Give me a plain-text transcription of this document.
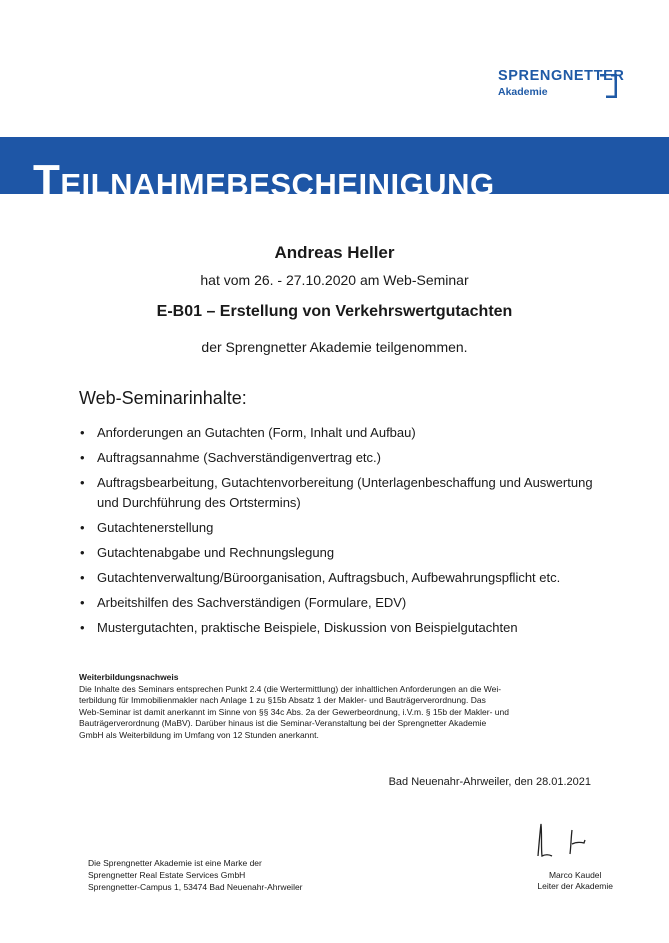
SPRENGNETTER
Akademie
Teilnahmebescheinigung
Andreas Heller
hat vom 26. - 27.10.2020 am Web-Seminar
E-B01 – Erstellung von Verkehrswertgutachten
der Sprengnetter Akademie teilgenommen.
Web-Seminarinhalte:
• Anforderungen an Gutachten (Form, Inhalt und Aufbau)
• Auftragsannahme (Sachverständigenvertrag etc.)
• Auftragsbearbeitung, Gutachtenvorbereitung (Unterlagenbeschaffung und Auswertung und Durchführung des Ortstermins)
• Gutachtenerstellung
• Gutachtenabgabe und Rechnungslegung
• Gutachtenverwaltung/Büroorganisation, Auftragsbuch, Aufbewahrungspflicht etc.
• Arbeitshilfen des Sachverständigen (Formulare, EDV)
• Mustergutachten, praktische Beispiele, Diskussion von Beispielgutachten
Weiterbildungsnachweis
Die Inhalte des Seminars entsprechen Punkt 2.4 (die Wertermittlung) der inhaltlichen Anforderungen an die Wei-
terbildung für Immobilienmakler nach Anlage 1 zu §15b Absatz 1 der Makler- und Bauträgerverordnung. Das
Web-Seminar ist damit anerkannt im Sinne von §§ 34c Abs. 2a der Gewerbeordnung, i.V.m. § 15b der Makler- und
Bauträgerverordnung (MaBV). Darüber hinaus ist die Seminar-Veranstaltung bei der Sprengnetter Akademie
GmbH als Weiterbildung im Umfang von 12 Stunden anerkannt.
Bad Neuenahr-Ahrweiler, den 28.01.2021
Marco Kaudel
Leiter der Akademie
Die Sprengnetter Akademie ist eine Marke der
Sprengnetter Real Estate Services GmbH
Sprengnetter-Campus 1, 53474 Bad Neuenahr-Ahrweiler
